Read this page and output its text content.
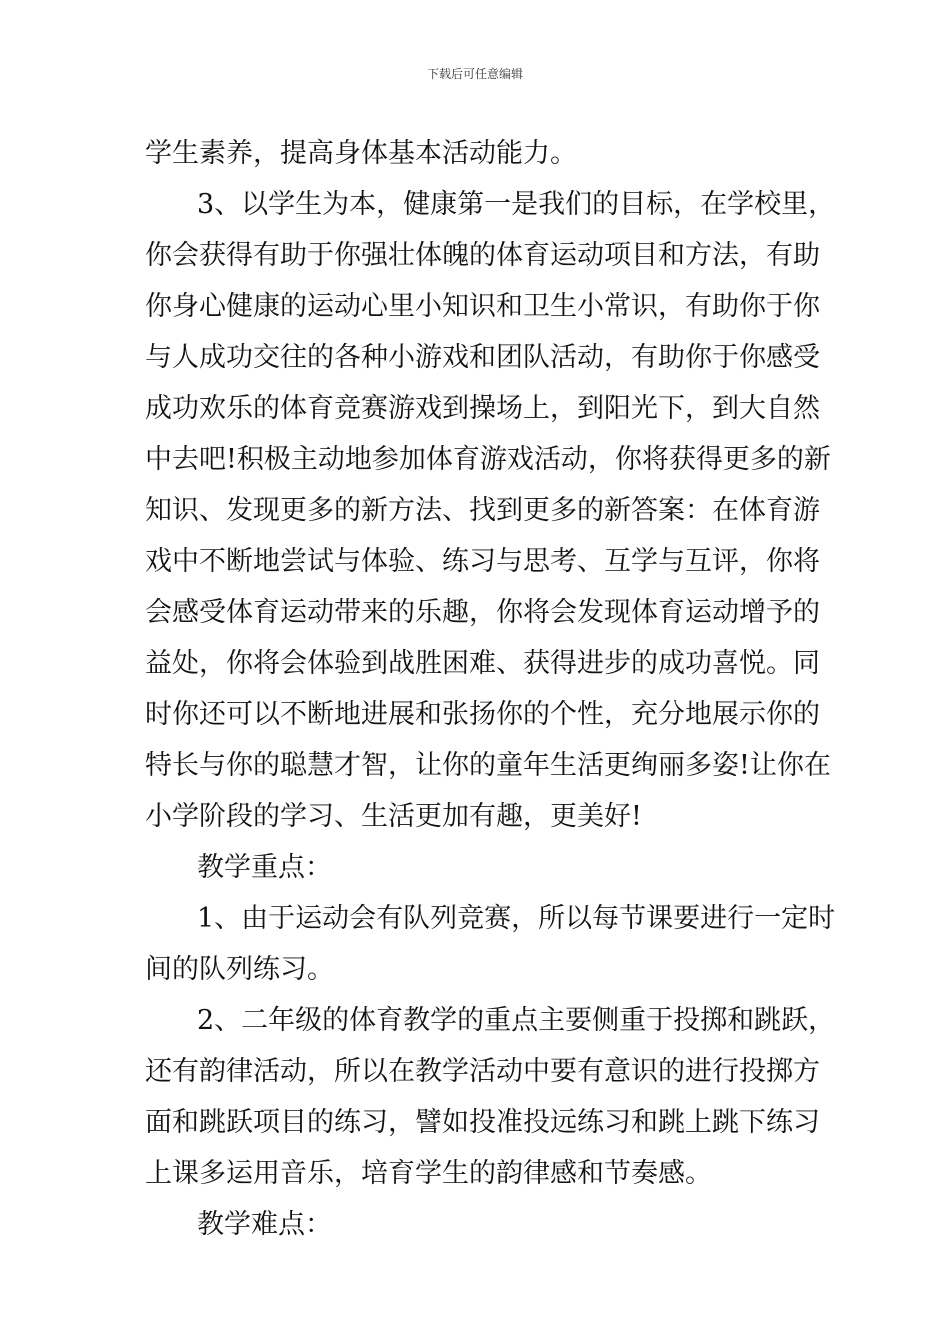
下载后可任意编辑
学生素养，提高身体基本活动能力。
3、以学生为本，健康第一是我们的目标，在学校里，
你会获得有助于你强壮体魄的体育运动项目和方法，有助
你身心健康的运动心里小知识和卫生小常识，有助你于你
与人成功交往的各种小游戏和团队活动，有助你于你感受
成功欢乐的体育竞赛游戏到操场上，到阳光下，到大自然
中去吧!积极主动地参加体育游戏活动，你将获得更多的新
知识、发现更多的新方法、找到更多的新答案：在体育游
戏中不断地尝试与体验、练习与思考、互学与互评，你将
会感受体育运动带来的乐趣，你将会发现体育运动增予的
益处，你将会体验到战胜困难、获得进步的成功喜悦。同
时你还可以不断地进展和张扬你的个性，充分地展示你的
特长与你的聪慧才智，让你的童年生活更绚丽多姿!让你在
小学阶段的学习、生活更加有趣，更美好!
教学重点：
1、由于运动会有队列竞赛，所以每节课要进行一定时
间的队列练习。
2、二年级的体育教学的重点主要侧重于投掷和跳跃，
还有韵律活动，所以在教学活动中要有意识的进行投掷方
面和跳跃项目的练习，譬如投准投远练习和跳上跳下练习
上课多运用音乐，培育学生的韵律感和节奏感。
教学难点：
